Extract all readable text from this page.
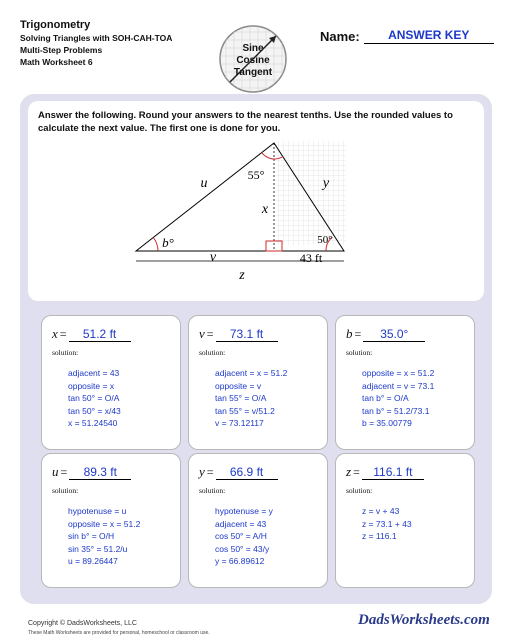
Trigonometry
Solving Triangles with SOH-CAH-TOA
Multi-Step Problems
Math Worksheet 6
Sine
Cosine
Tangent
Name:	ANSWER KEY
Answer the following. Round your answers to the nearest tenths. Use the rounded values to calculate the next value. The first one is done for you.
55°
b°	50°
u	y
x
v	43 ft
z
x =	51.2 ft
solution:
adjacent = 43
opposite = x
tan 50° = O/A
tan 50° = x/43
x = 51.24540
v =	73.1 ft
solution:
adjacent = x = 51.2
opposite = v
tan 55° = O/A
tan 55° = v/51.2
v = 73.12117
b =	35.0°
solution:
opposite = x = 51.2
adjacent = v = 73.1
tan b° = O/A
tan b° = 51.2/73.1
b = 35.00779
u =	89.3 ft
solution:
hypotenuse = u
opposite = x = 51.2
sin b° = O/H
sin 35° = 51.2/u
u = 89.26447
y =	66.9 ft
solution:
hypotenuse = y
adjacent = 43
cos 50° = A/H
cos 50° = 43/y
y = 66.89612
z =	116.1 ft
solution:
z = v + 43
z = 73.1 + 43
z = 116.1
Copyright © DadsWorksheets, LLC
These Math Worksheets are provided for personal, homeschool or classroom use.
DadsWorksheets.com
